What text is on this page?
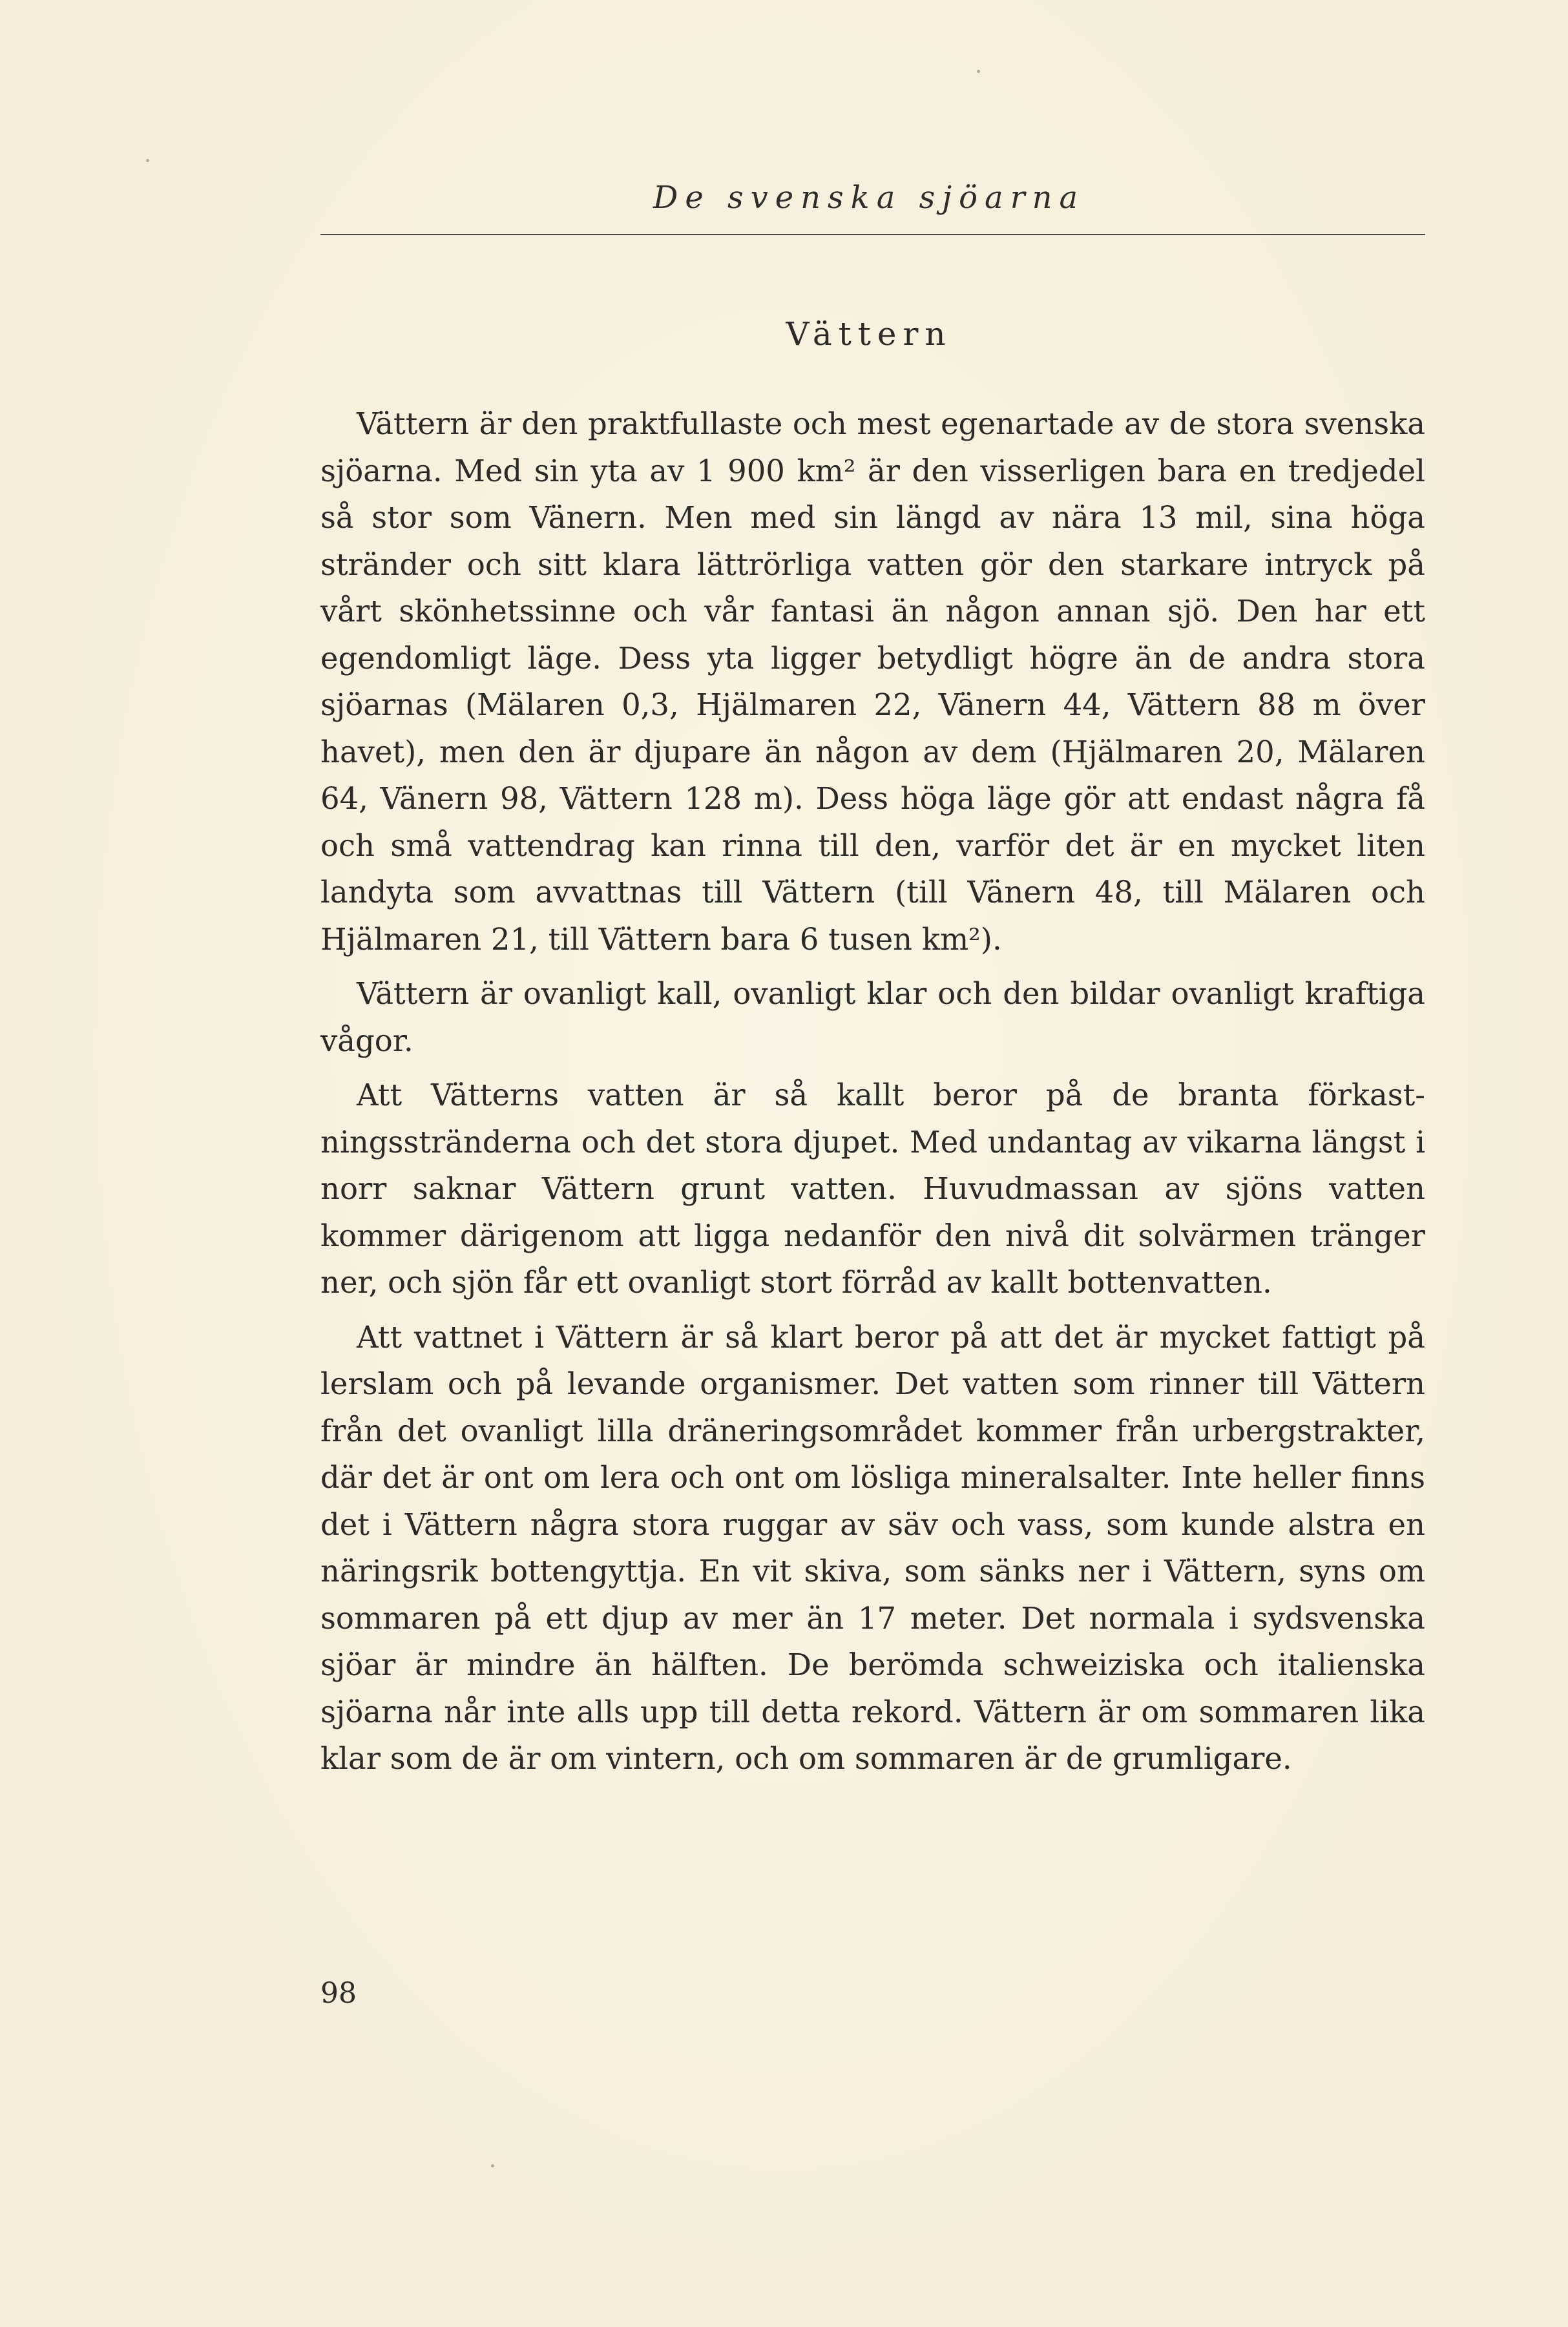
De svenska sjöarna
Vättern

Vättern är den praktfullaste och mest egenartade av de stora svenska sjöarna. Med sin yta av 1 900 km² är den visserligen bara en tredjedel så stor som Vänern. Men med sin längd av nära 13 mil, sina höga stränder och sitt klara lättrörliga vatten gör den starkare intryck på vårt skönhetssinne och vår fantasi än någon annan sjö. Den har ett egendomligt läge. Dess yta ligger betydligt högre än de andra stora sjöarnas (Mälaren 0,3, Hjälmaren 22, Vänern 44, Vättern 88 m över havet), men den är djupare än någon av dem (Hjälmaren 20, Mälaren 64, Vänern 98, Vättern 128 m). Dess höga läge gör att endast några få och små vattendrag kan rinna till den, varför det är en mycket liten landyta som avvattnas till Vättern (till Vänern 48, till Mälaren och Hjälmaren 21, till Vättern bara 6 tusen km²).

Vättern är ovanligt kall, ovanligt klar och den bildar ovanligt kraftiga vågor.

Att Vätterns vatten är så kallt beror på de branta förkastningsstränderna och det stora djupet. Med undantag av vikarna längst i norr saknar Vättern grunt vatten. Huvudmassan av sjöns vatten kommer därigenom att ligga nedanför den nivå dit solvärmen tränger ner, och sjön får ett ovanligt stort förråd av kallt bottenvatten.

Att vattnet i Vättern är så klart beror på att det är mycket fattigt på lerslam och på levande organismer. Det vatten som rinner till Vättern från det ovanligt lilla dräneringsområdet kommer från urbergstrakter, där det är ont om lera och ont om lösliga mineralsalter. Inte heller finns det i Vättern några stora ruggar av säv och vass, som kunde alstra en näringsrik bottengyttja. En vit skiva, som sänks ner i Vättern, syns om sommaren på ett djup av mer än 17 meter. Det normala i sydsvenska sjöar är mindre än hälften. De berömda schweiziska och italienska sjöarna når inte alls upp till detta rekord. Vättern är om sommaren lika klar som de är om vintern, och om sommaren är de grumligare.

98
